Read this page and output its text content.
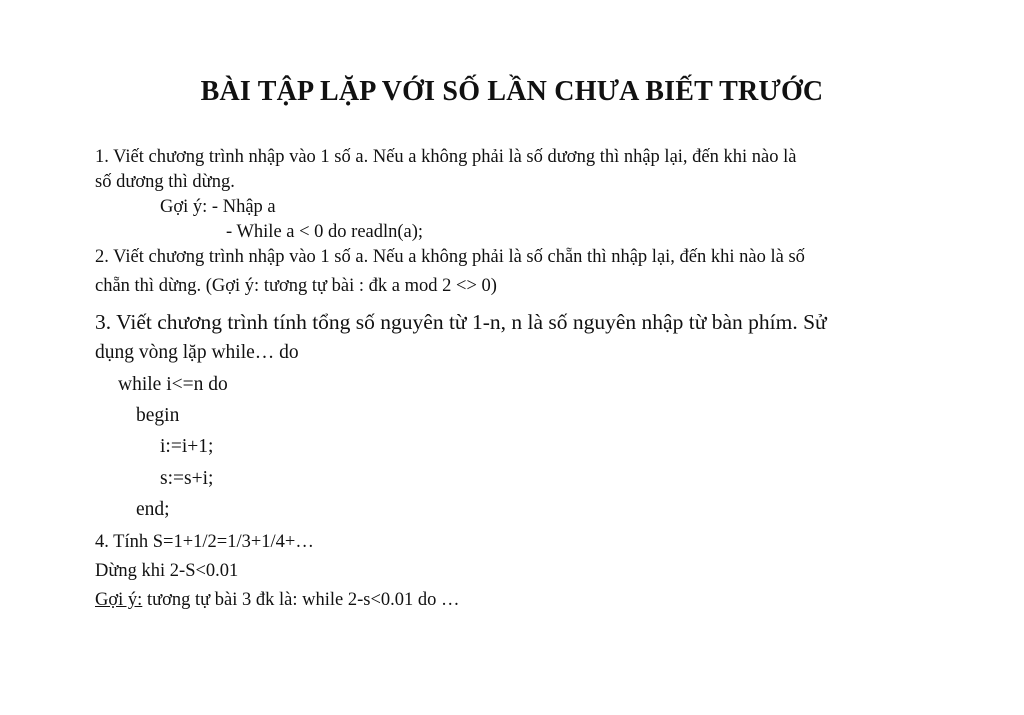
BÀI TẬP LẶP VỚI SỐ LẦN CHƯA BIẾT TRƯỚC
1. Viết chương trình nhập vào 1 số a. Nếu a không phải là số dương thì nhập lại, đến khi nào là
số dương thì dừng.
Gợi ý: - Nhập a
- While a < 0 do readln(a);
2. Viết chương trình nhập vào 1 số a. Nếu a không phải là số chẵn thì nhập lại, đến khi nào là số
chẵn thì dừng. (Gợi ý: tương tự bài : đk a mod 2 <> 0)
3. Viết chương trình tính tổng số nguyên từ 1-n, n là số nguyên nhập từ bàn phím. Sử
dụng vòng lặp while… do
while i<=n do
begin
i:=i+1;
s:=s+i;
end;
4. Tính S=1+1/2=1/3+1/4+…
Dừng khi 2-S<0.01
Gợi ý: tương tự bài 3 đk là: while 2-s<0.01 do …
